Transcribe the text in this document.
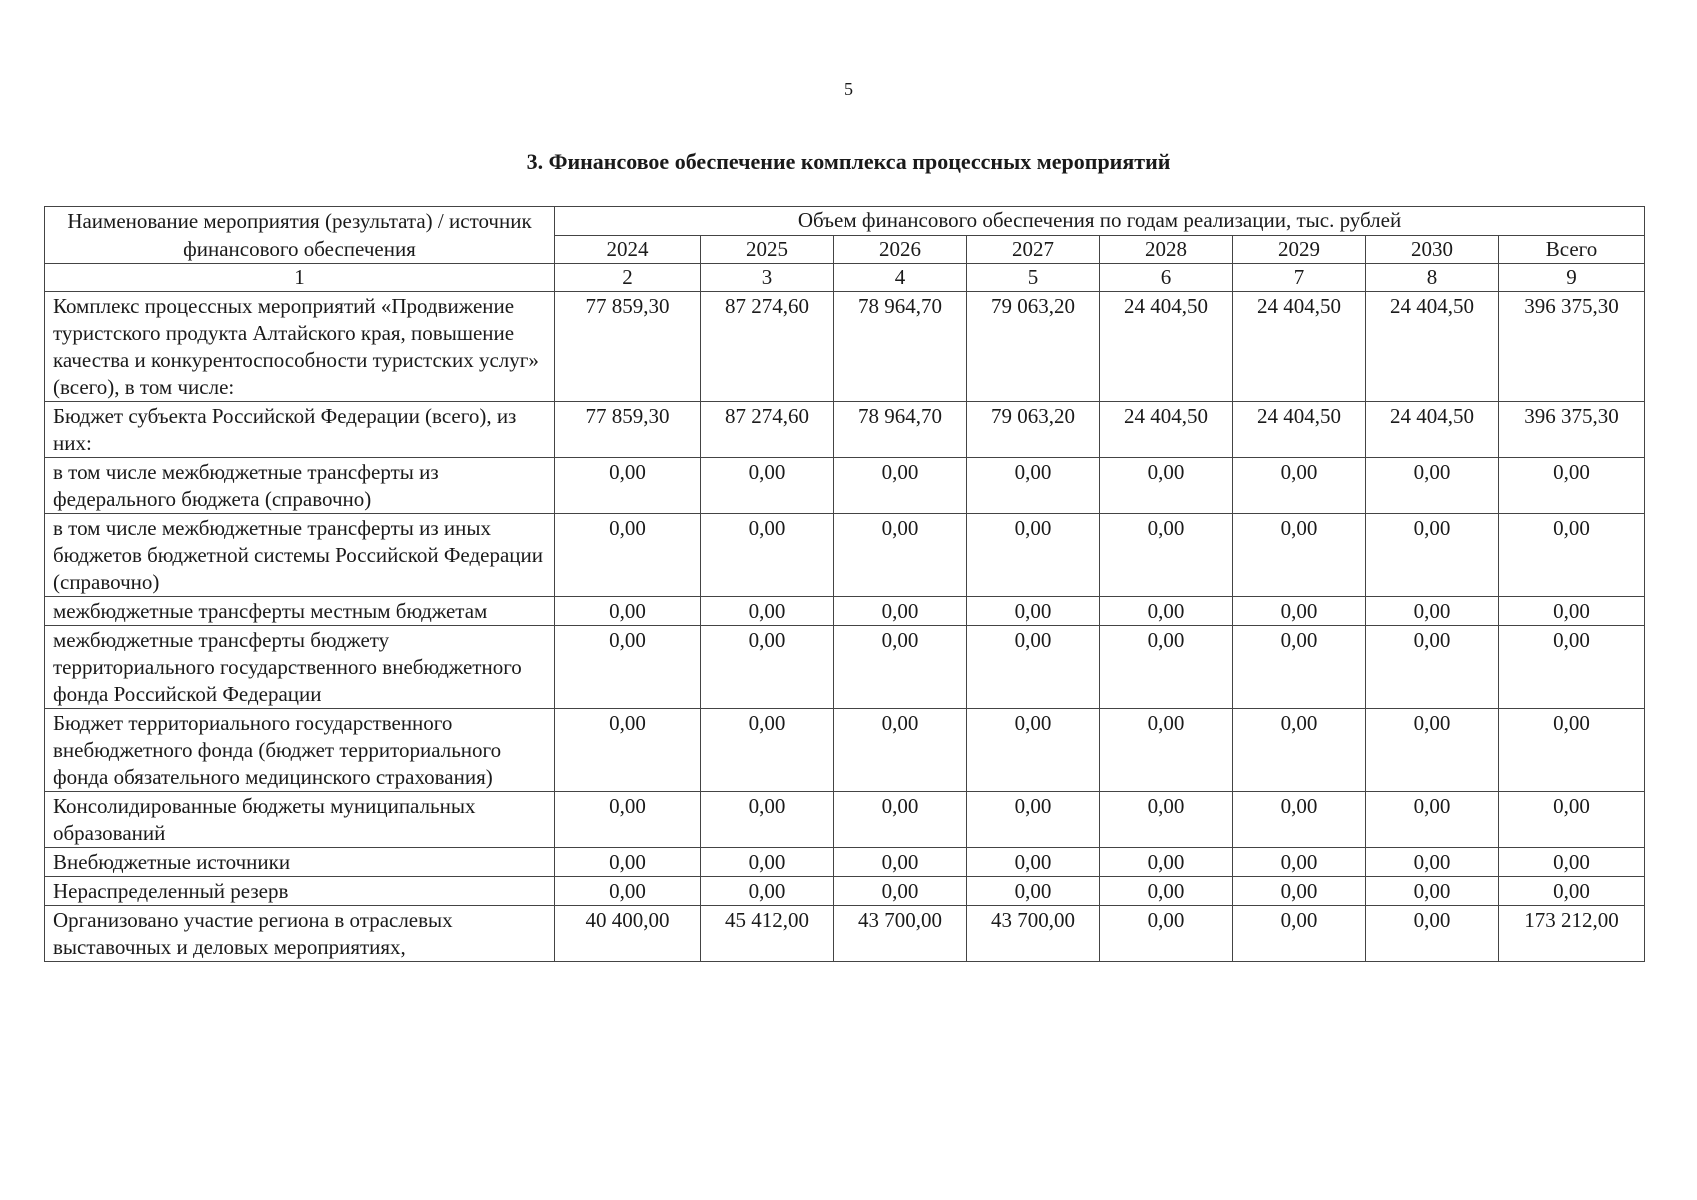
5
3. Финансовое обеспечение комплекса процессных мероприятий
Наименование мероприятия (результата) / источник финансового обеспечения	Объем финансового обеспечения по годам реализации, тыс. рублей							
	2024	2025	2026	2027	2028	2029	2030	Всего
1	2	3	4	5	6	7	8	9
Комплекс процессных мероприятий «Продвижение туристского продукта Алтайского края, повышение качества и конкурентоспособности туристских услуг» (всего), в том числе:	77 859,30	87 274,60	78 964,70	79 063,20	24 404,50	24 404,50	24 404,50	396 375,30
Бюджет субъекта Российской Федерации (всего), из них:	77 859,30	87 274,60	78 964,70	79 063,20	24 404,50	24 404,50	24 404,50	396 375,30
в том числе межбюджетные трансферты из федерального бюджета (справочно)	0,00	0,00	0,00	0,00	0,00	0,00	0,00	0,00
в том числе межбюджетные трансферты из иных бюджетов бюджетной системы Российской Федерации (справочно)	0,00	0,00	0,00	0,00	0,00	0,00	0,00	0,00
межбюджетные трансферты местным бюджетам	0,00	0,00	0,00	0,00	0,00	0,00	0,00	0,00
межбюджетные трансферты бюджету территориального государственного внебюджетного фонда Российской Федерации	0,00	0,00	0,00	0,00	0,00	0,00	0,00	0,00
Бюджет территориального государственного внебюджетного фонда (бюджет территориального фонда обязательного медицинского страхования)	0,00	0,00	0,00	0,00	0,00	0,00	0,00	0,00
Консолидированные бюджеты муниципальных образований	0,00	0,00	0,00	0,00	0,00	0,00	0,00	0,00
Внебюджетные источники	0,00	0,00	0,00	0,00	0,00	0,00	0,00	0,00
Нераспределенный резерв	0,00	0,00	0,00	0,00	0,00	0,00	0,00	0,00
Организовано участие региона в отраслевых выставочных и деловых мероприятиях,	40 400,00	45 412,00	43 700,00	43 700,00	0,00	0,00	0,00	173 212,00
